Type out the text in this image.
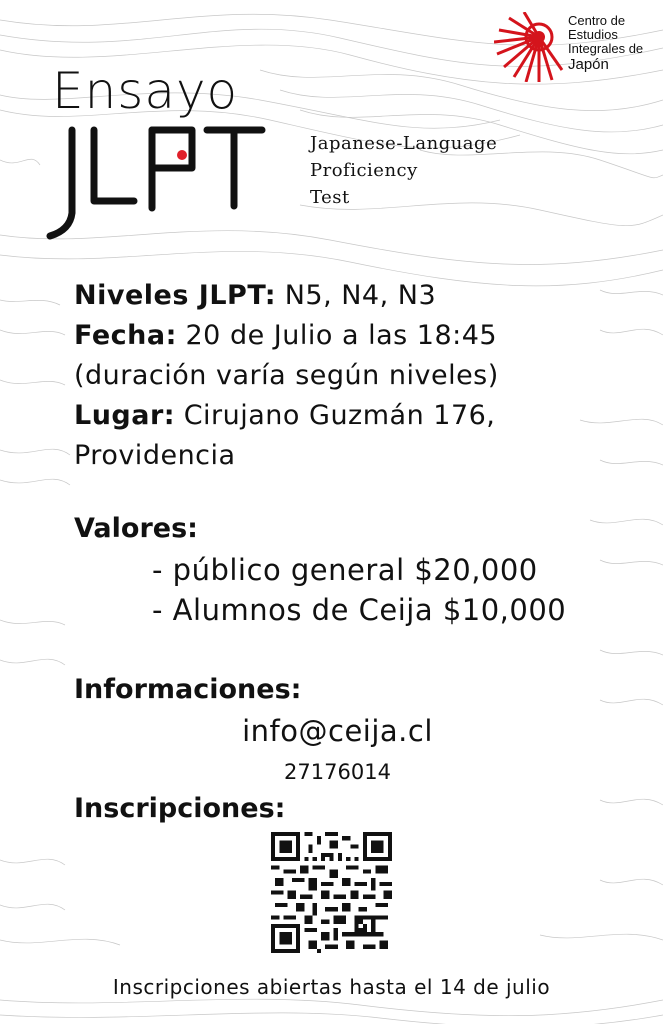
Centro de
Estudios
Integrales de
Japón
Ensayo
Japanese-Language
Proficiency
Test
Niveles JLPT: N5, N4, N3
Fecha: 20 de Julio a las 18:45
(duración varía según niveles)
Lugar: Cirujano Guzmán 176,
Providencia
Valores:
- público general $20,000
- Alumnos de Ceija $10,000
Informaciones:
info@ceija.cl
27176014
Inscripciones:
Inscripciones abiertas hasta el 14 de julio
